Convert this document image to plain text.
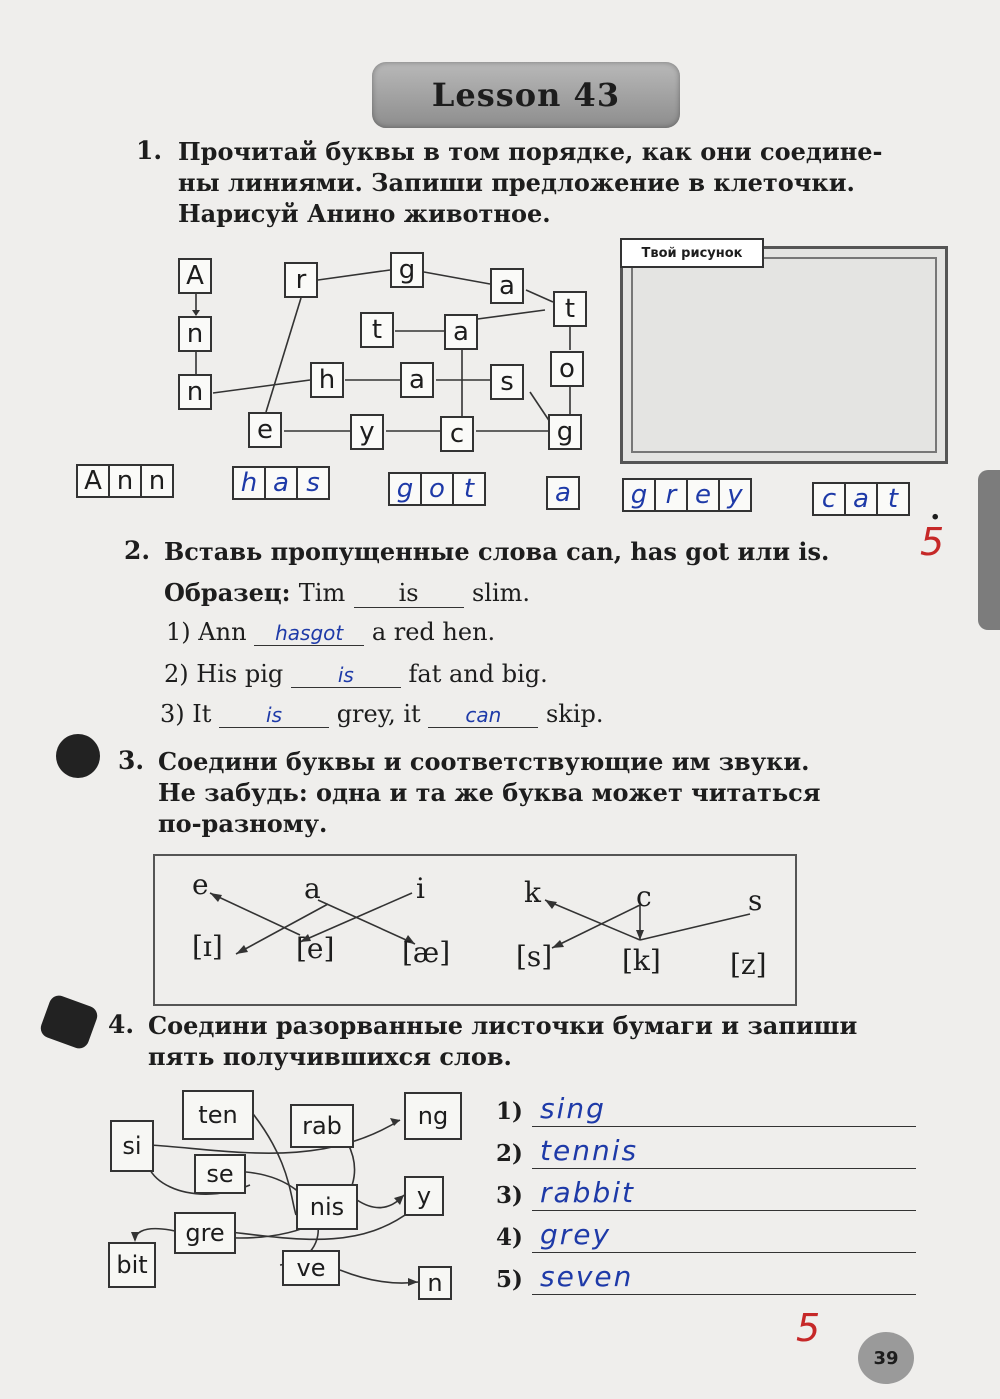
Lesson 43
1. Прочитай буквы в том порядке, как они соедине-
ны линиями. Запиши предложение в клеточки.
Нарисуй Анино животное.
A
n
n
r	g
a
t
t	a
h	a	s	o
e	y	c	g
Твой рисунок
A n n	h a s	g o t	a	g r e y	c a t	.
5
2. Вставь пропущенные слова can, has got или is.
Образец: Tim is slim.
1) Ann hasgot a red hen.
2) His pig	is fat and big.
3) It	is grey, it can skip.
3. Соедини буквы и соответствующие им звуки.
Не забудь: одна и та же буква может читаться
по-разному.
e	a	i	k	c	s
[ɪ]	[e] [æ] [s] [k] [z]
4. Соедини разорванные листочки бумаги и запиши
пять получившихся слов.
ten	rab	ng
si
se
nis	y
gre
bit	ve
n
1) sing
2) tennis
3) rabbit
4) grey
5) seven
5
39
